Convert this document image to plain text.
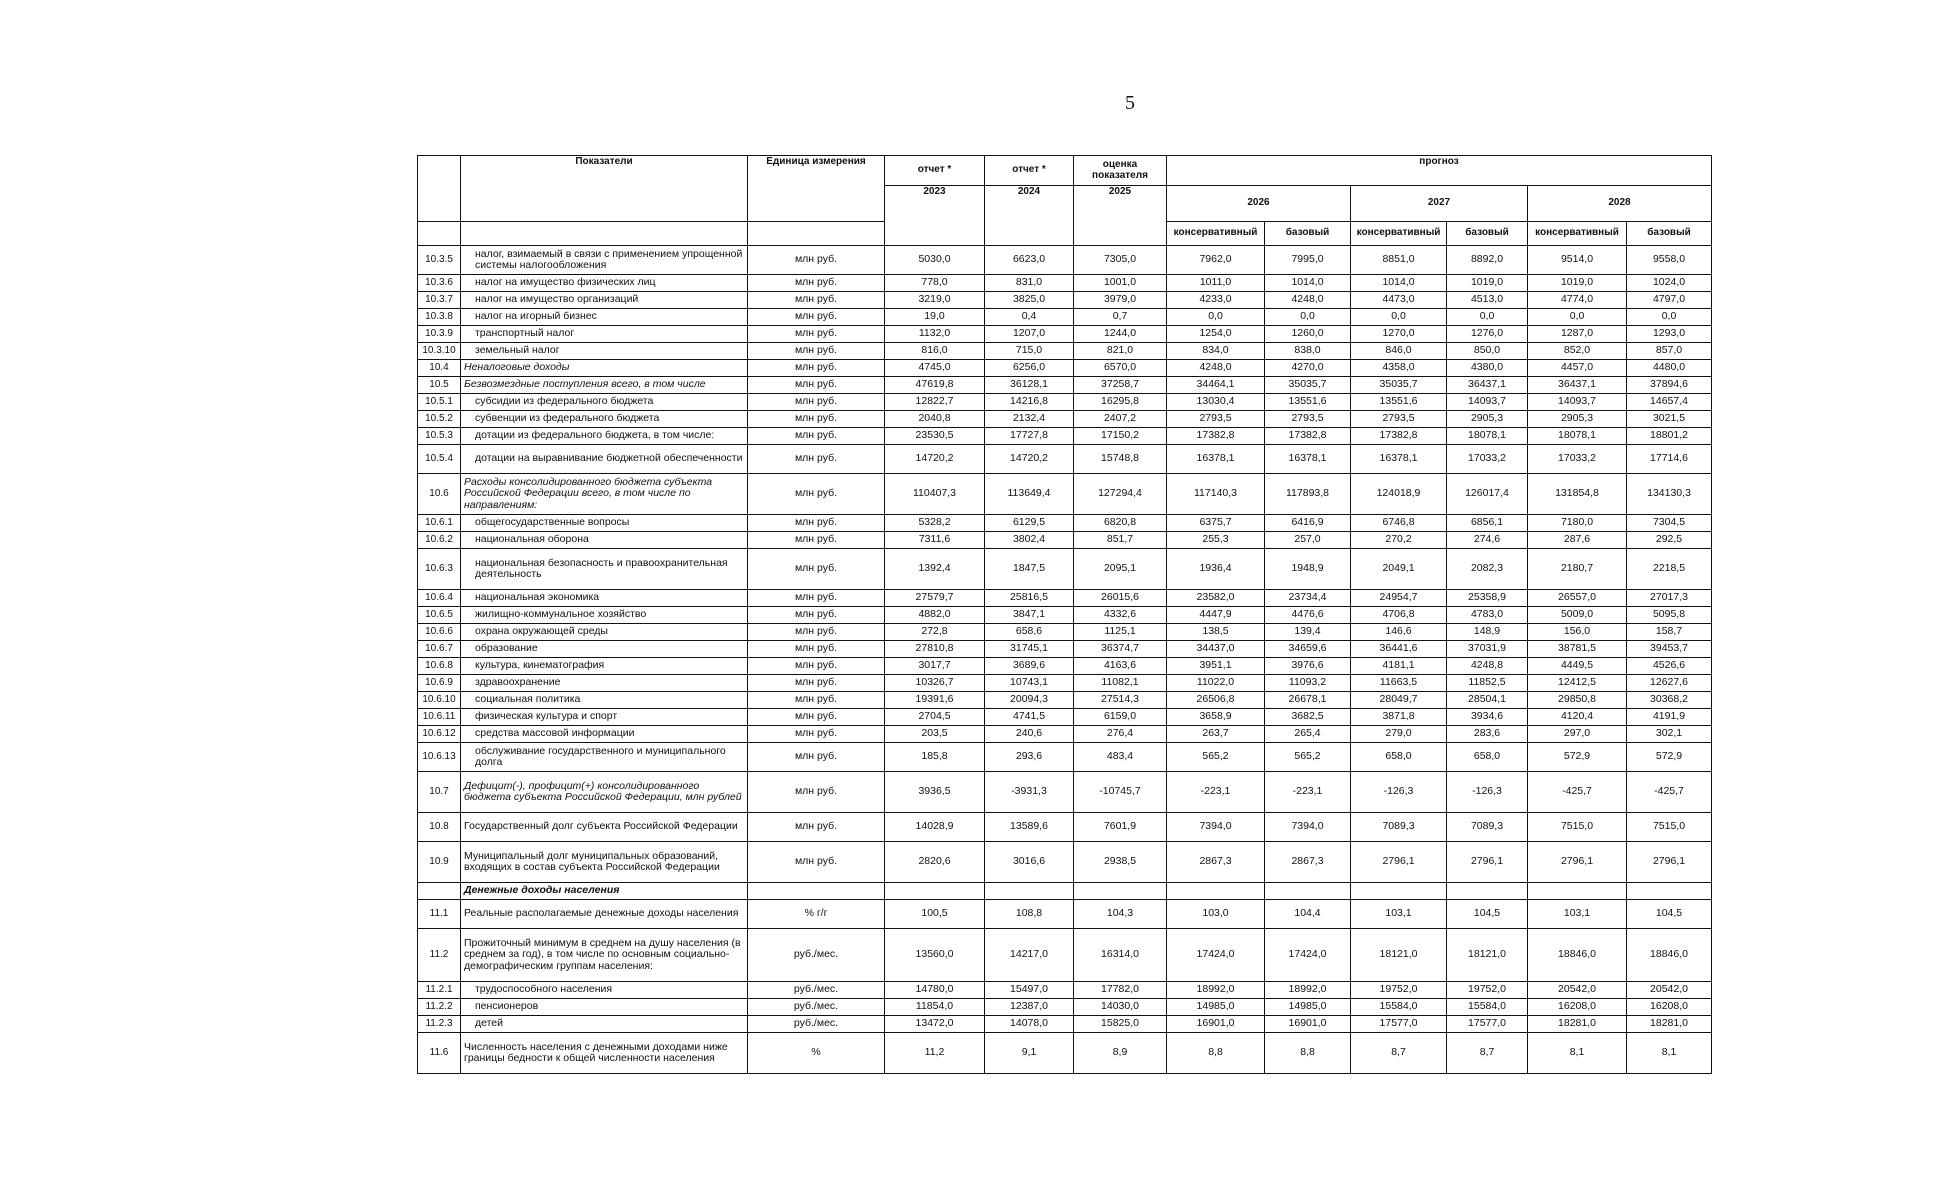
5
	Показатели	Единица измерения	отчет *	отчет *	оценка показателя	прогноз					
			2023	2024	2025	2026		2027		2028	
						консервативный	базовый	консервативный	базовый	консервативный	базовый
10.3.5	налог, взимаемый в связи с применением упрощенной системы налогообложения	млн руб.	5030,0	6623,0	7305,0	7962,0	7995,0	8851,0	8892,0	9514,0	9558,0
10.3.6	налог на имущество физических лиц	млн руб.	778,0	831,0	1001,0	1011,0	1014,0	1014,0	1019,0	1019,0	1024,0
10.3.7	налог на имущество организаций	млн руб.	3219,0	3825,0	3979,0	4233,0	4248,0	4473,0	4513,0	4774,0	4797,0
10.3.8	налог на игорный бизнес	млн руб.	19,0	0,4	0,7	0,0	0,0	0,0	0,0	0,0	0,0
10.3.9	транспортный налог	млн руб.	1132,0	1207,0	1244,0	1254,0	1260,0	1270,0	1276,0	1287,0	1293,0
10.3.10	земельный налог	млн руб.	816,0	715,0	821,0	834,0	838,0	846,0	850,0	852,0	857,0
10.4	Неналоговые доходы	млн руб.	4745,0	6256,0	6570,0	4248,0	4270,0	4358,0	4380,0	4457,0	4480,0
10.5	Безвозмездные поступления всего, в том числе	млн руб.	47619,8	36128,1	37258,7	34464,1	35035,7	35035,7	36437,1	36437,1	37894,6
10.5.1	субсидии из федерального бюджета	млн руб.	12822,7	14216,8	16295,8	13030,4	13551,6	13551,6	14093,7	14093,7	14657,4
10.5.2	субвенции из федерального бюджета	млн руб.	2040,8	2132,4	2407,2	2793,5	2793,5	2793,5	2905,3	2905,3	3021,5
10.5.3	дотации из федерального бюджета, в том числе:	млн руб.	23530,5	17727,8	17150,2	17382,8	17382,8	17382,8	18078,1	18078,1	18801,2
10.5.4	дотации на выравнивание бюджетной обеспеченности	млн руб.	14720,2	14720,2	15748,8	16378,1	16378,1	16378,1	17033,2	17033,2	17714,6
10.6	Расходы консолидированного бюджета субъекта Российской Федерации всего, в том числе по направлениям:	млн руб.	110407,3	113649,4	127294,4	117140,3	117893,8	124018,9	126017,4	131854,8	134130,3
10.6.1	общегосударственные вопросы	млн руб.	5328,2	6129,5	6820,8	6375,7	6416,9	6746,8	6856,1	7180,0	7304,5
10.6.2	национальная оборона	млн руб.	7311,6	3802,4	851,7	255,3	257,0	270,2	274,6	287,6	292,5
10.6.3	национальная безопасность и правоохранительная деятельность	млн руб.	1392,4	1847,5	2095,1	1936,4	1948,9	2049,1	2082,3	2180,7	2218,5
10.6.4	национальная экономика	млн руб.	27579,7	25816,5	26015,6	23582,0	23734,4	24954,7	25358,9	26557,0	27017,3
10.6.5	жилищно-коммунальное хозяйство	млн руб.	4882,0	3847,1	4332,6	4447,9	4476,6	4706,8	4783,0	5009,0	5095,8
10.6.6	охрана окружающей среды	млн руб.	272,8	658,6	1125,1	138,5	139,4	146,6	148,9	156,0	158,7
10.6.7	образование	млн руб.	27810,8	31745,1	36374,7	34437,0	34659,6	36441,6	37031,9	38781,5	39453,7
10.6.8	культура, кинематография	млн руб.	3017,7	3689,6	4163,6	3951,1	3976,6	4181,1	4248,8	4449,5	4526,6
10.6.9	здравоохранение	млн руб.	10326,7	10743,1	11082,1	11022,0	11093,2	11663,5	11852,5	12412,5	12627,6
10.6.10	социальная политика	млн руб.	19391,6	20094,3	27514,3	26506,8	26678,1	28049,7	28504,1	29850,8	30368,2
10.6.11	физическая культура и спорт	млн руб.	2704,5	4741,5	6159,0	3658,9	3682,5	3871,8	3934,6	4120,4	4191,9
10.6.12	средства массовой информации	млн руб.	203,5	240,6	276,4	263,7	265,4	279,0	283,6	297,0	302,1
10.6.13	обслуживание государственного и муниципального долга	млн руб.	185,8	293,6	483,4	565,2	565,2	658,0	658,0	572,9	572,9
10.7	Дефицит(-), профицит(+) консолидированного бюджета субъекта Российской Федерации, млн рублей	млн руб.	3936,5	-3931,3	-10745,7	-223,1	-223,1	-126,3	-126,3	-425,7	-425,7
10.8	Государственный долг субъекта Российской Федерации	млн руб.	14028,9	13589,6	7601,9	7394,0	7394,0	7089,3	7089,3	7515,0	7515,0
10.9	Муниципальный долг муниципальных образований, входящих в состав субъекта Российской Федерации	млн руб.	2820,6	3016,6	2938,5	2867,3	2867,3	2796,1	2796,1	2796,1	2796,1
	Денежные доходы населения										
11.1	Реальные располагаемые денежные доходы населения	% г/г	100,5	108,8	104,3	103,0	104,4	103,1	104,5	103,1	104,5
11.2	Прожиточный минимум в среднем на душу населения (в среднем за год), в том числе по основным социально-демографическим группам населения:	руб./мес.	13560,0	14217,0	16314,0	17424,0	17424,0	18121,0	18121,0	18846,0	18846,0
11.2.1	трудоспособного населения	руб./мес.	14780,0	15497,0	17782,0	18992,0	18992,0	19752,0	19752,0	20542,0	20542,0
11.2.2	пенсионеров	руб./мес.	11854,0	12387,0	14030,0	14985,0	14985,0	15584,0	15584,0	16208,0	16208,0
11.2.3	детей	руб./мес.	13472,0	14078,0	15825,0	16901,0	16901,0	17577,0	17577,0	18281,0	18281,0
11.6	Численность населения с денежными доходами ниже границы бедности к общей численности населения	%	11,2	9,1	8,9	8,8	8,8	8,7	8,7	8,1	8,1
